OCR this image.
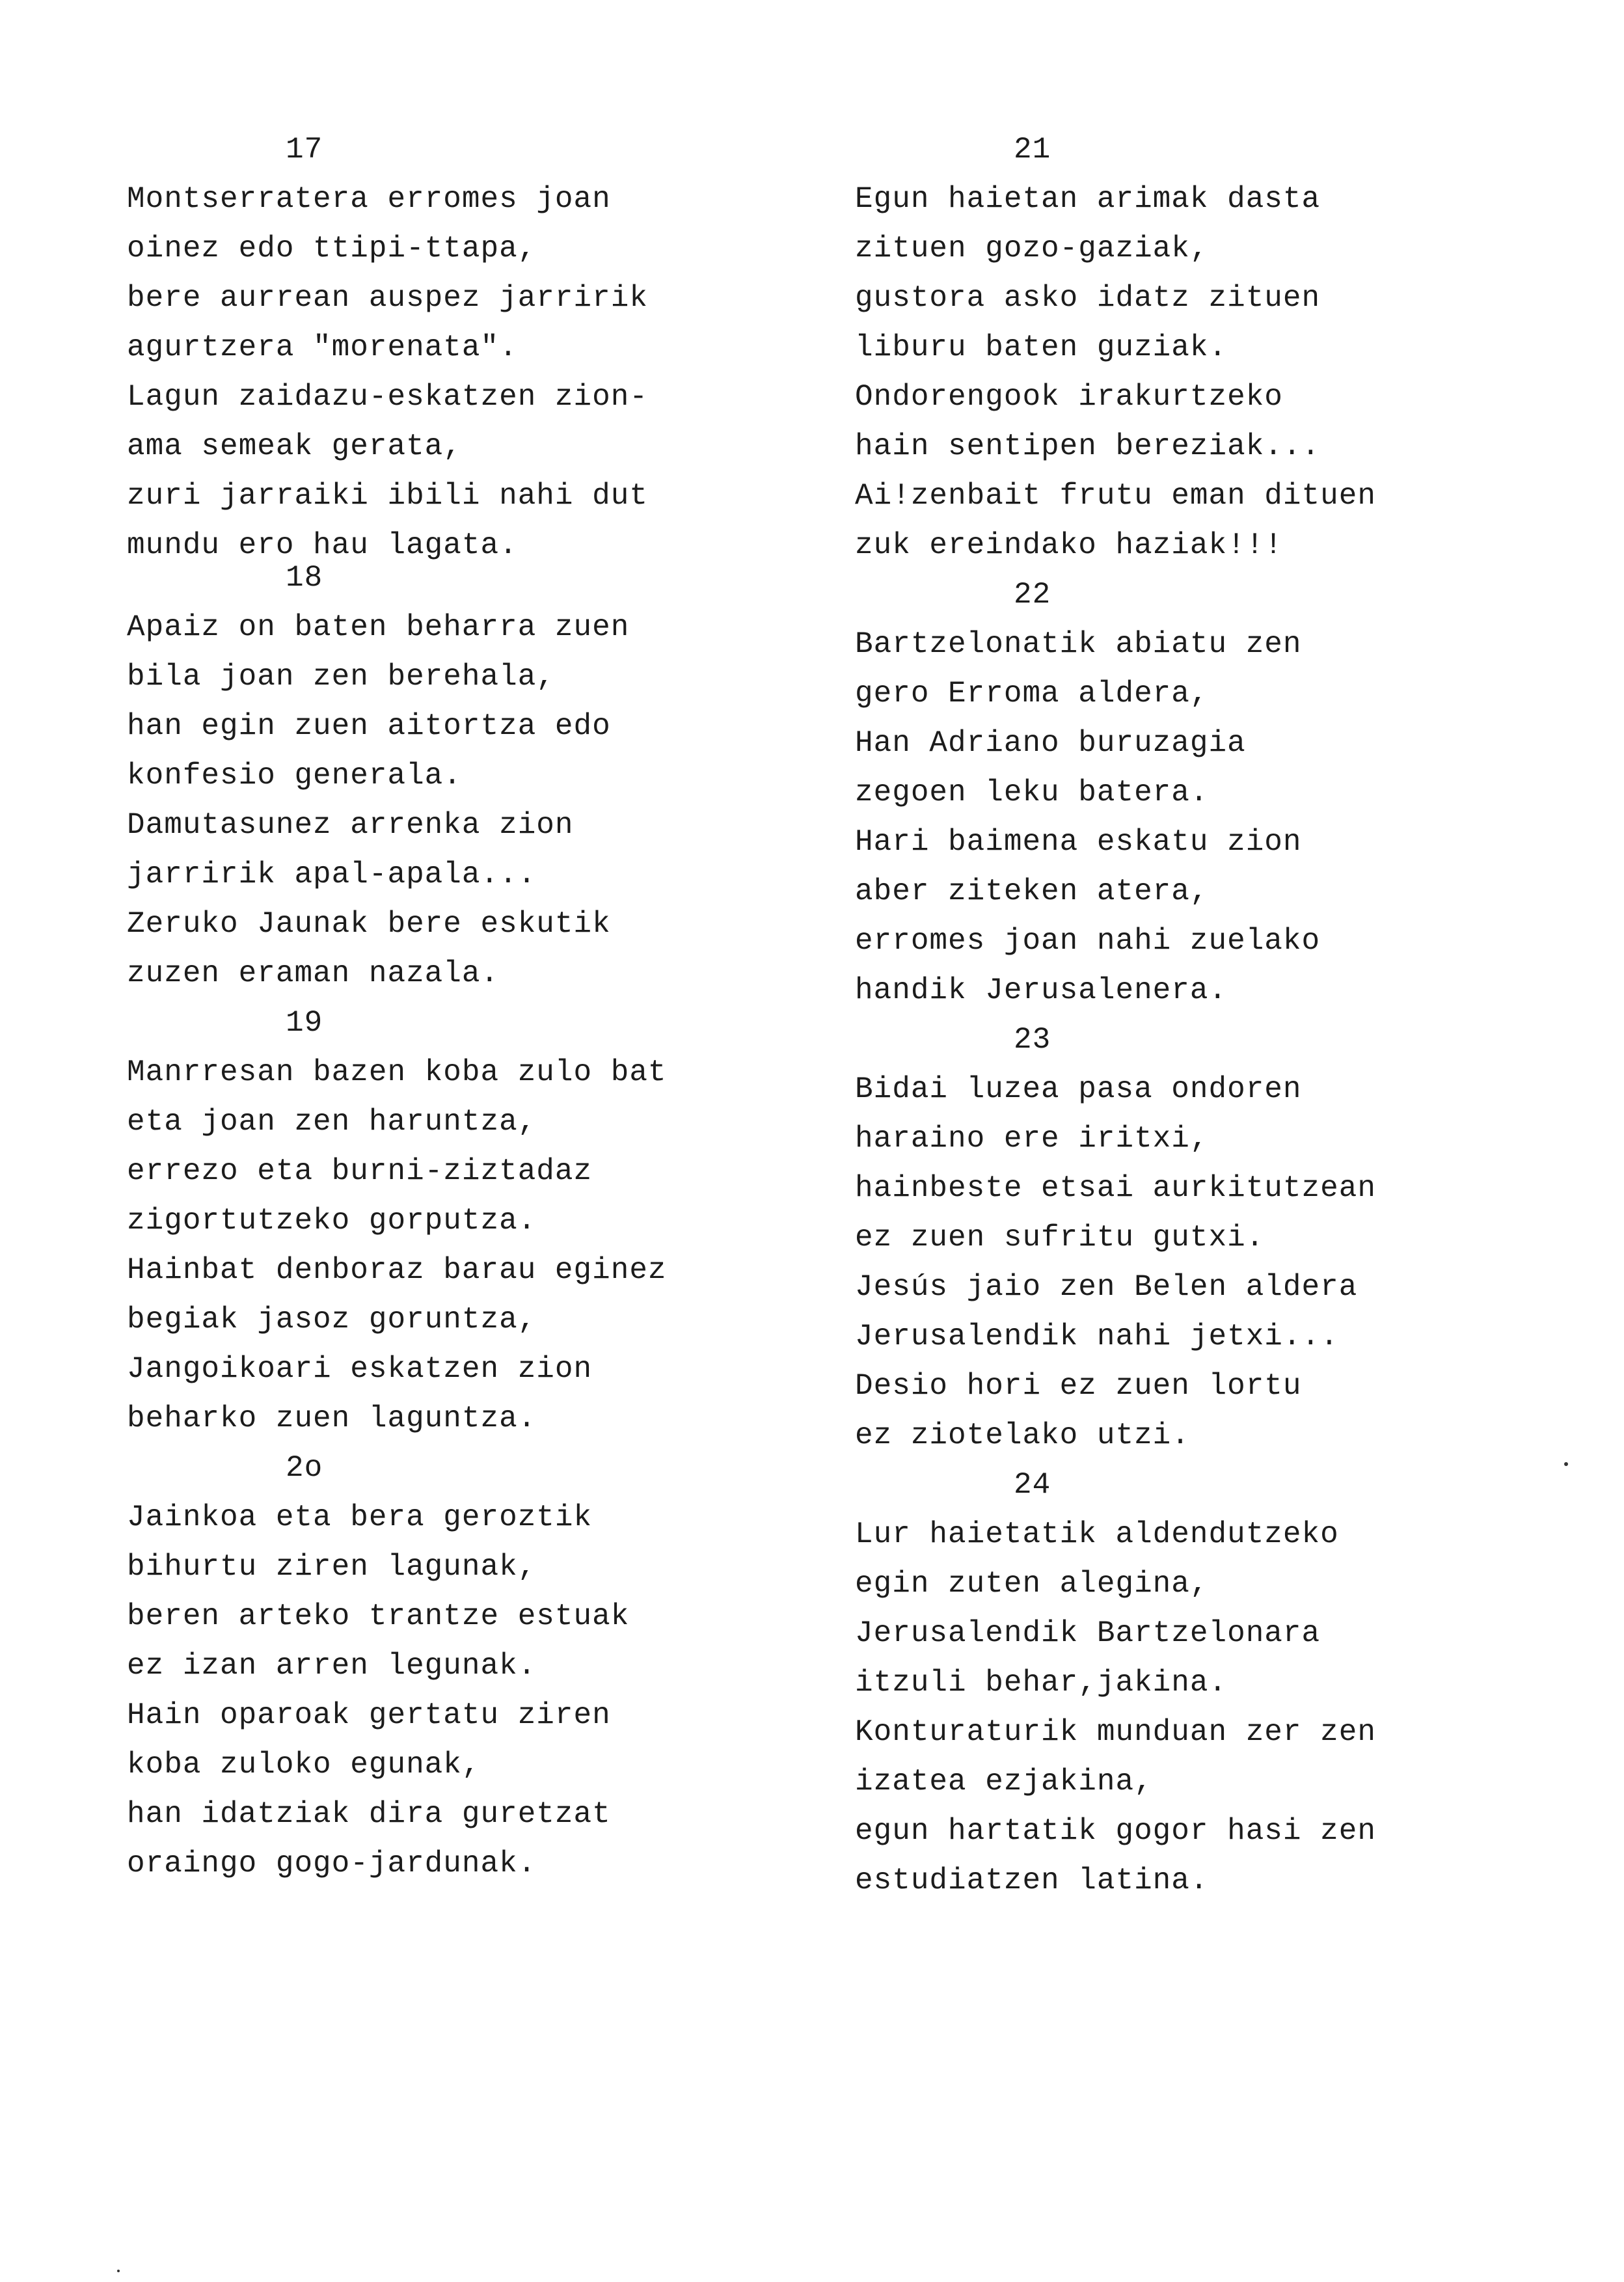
17
Montserratera erromes joan
oinez edo ttipi-ttapa,
bere aurrean auspez jarririk
agurtzera "morenata".
Lagun zaidazu-eskatzen zion-
ama semeak gerata,
zuri jarraiki ibili nahi dut
mundu ero hau lagata.
18
Apaiz on baten beharra zuen
bila joan zen berehala,
han egin zuen aitortza edo
konfesio generala.
Damutasunez arrenka zion
jarririk apal-apala...
Zeruko Jaunak bere eskutik
zuzen eraman nazala.
19
Manrresan bazen koba zulo bat
eta joan zen haruntza,
errezo eta burni-ziztadaz
zigortutzeko gorputza.
Hainbat denboraz barau eginez
begiak jasoz goruntza,
Jangoikoari eskatzen zion
beharko zuen laguntza.
2o
Jainkoa eta bera geroztik
bihurtu ziren lagunak,
beren arteko trantze estuak
ez izan arren legunak.
Hain oparoak gertatu ziren
koba zuloko egunak,
han idatziak dira guretzat
oraingo gogo-jardunak.
21
Egun haietan arimak dasta
zituen gozo-gaziak,
gustora asko idatz zituen
liburu baten guziak.
Ondorengook irakurtzeko
hain sentipen bereziak...
Ai!zenbait frutu eman dituen
zuk ereindako haziak!!!
22
Bartzelonatik abiatu zen
gero Erroma aldera,
Han Adriano buruzagia
zegoen leku batera.
Hari baimena eskatu zion
aber ziteken atera,
erromes joan nahi zuelako
handik Jerusalenera.
23
Bidai luzea pasa ondoren
haraino ere iritxi,
hainbeste etsai aurkitutzean
ez zuen sufritu gutxi.
Jesús jaio zen Belen aldera
Jerusalendik nahi jetxi...
Desio hori ez zuen lortu
ez ziotelako utzi.
24
Lur haietatik aldendutzeko
egin zuten alegina,
Jerusalendik Bartzelonara
itzuli behar,jakina.
Konturaturik munduan zer zen
izatea ezjakina,
egun hartatik gogor hasi zen
estudiatzen latina.
